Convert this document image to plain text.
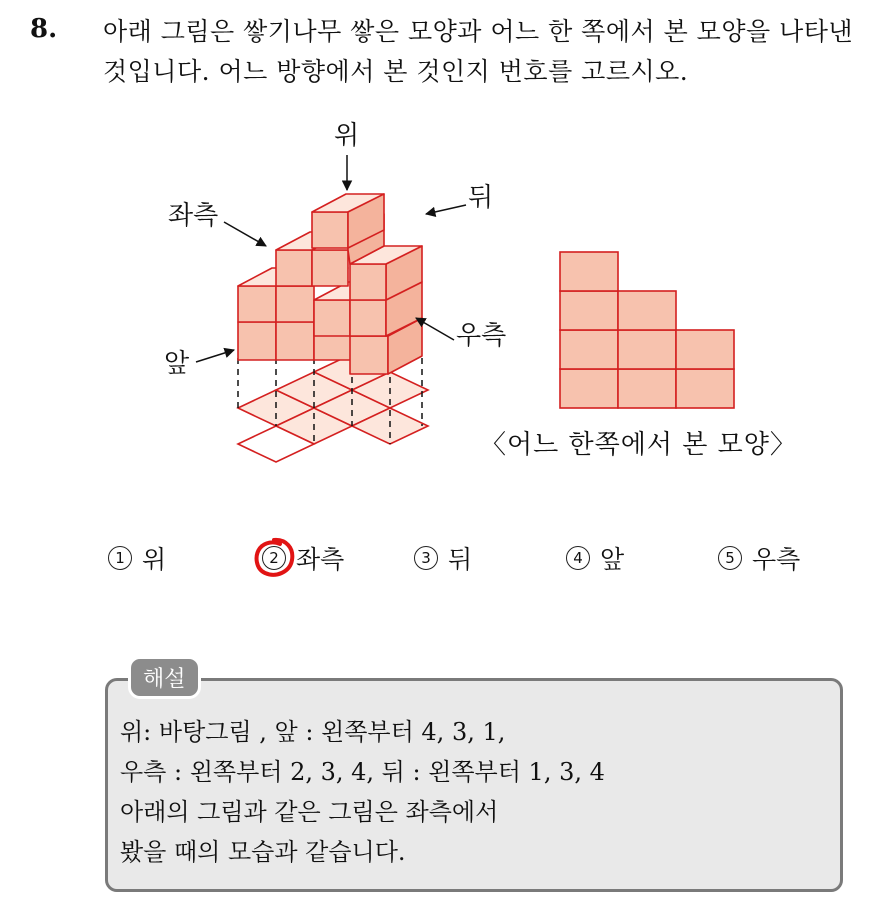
8. 아래 그림은 쌓기나무 쌓은 모양과 어느 한 쪽에서 본 모양을 나타낸
것입니다. 어느 방향에서 본 것인지 번호를 고르시오.
위
뒤
좌측
우측
앞
〈어느 한쪽에서 본 모양〉
1 위	2 좌측	3 뒤	4 앞	5 우측
해설
위: 바탕그림 , 앞 : 왼쪽부터 4, 3, 1,
우측 : 왼쪽부터 2, 3, 4, 뒤 : 왼쪽부터 1, 3, 4
아래의 그림과 같은 그림은 좌측에서
봤을 때의 모습과 같습니다.
